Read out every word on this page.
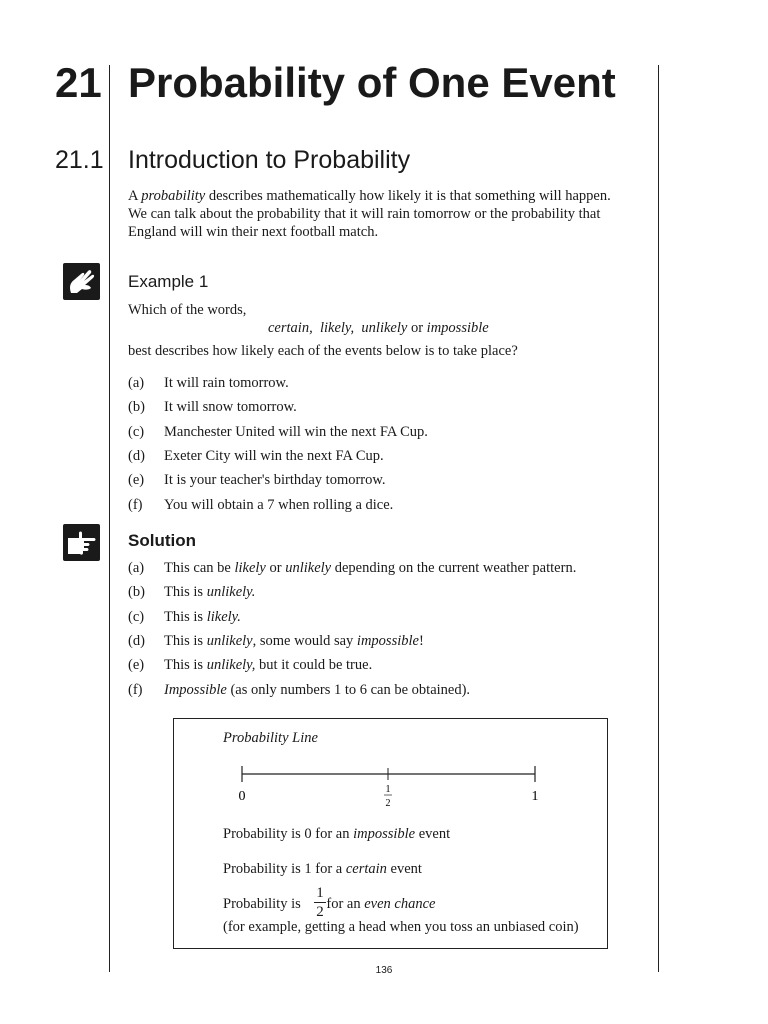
21 Probability of One Event
21.1 Introduction to Probability

A probability describes mathematically how likely it is that something will happen.

We can talk about the probability that it will rain tomorrow or the probability that

England will win their next football match.

Example 1
Which of the words,
certain, likely, unlikely or impossible
best describes how likely each of the events below is to take place?
(a) It will rain tomorrow.
(b) It will snow tomorrow.
(c) Manchester United will win the next FA Cup.
(d) Exeter City will win the next FA Cup.
(e) It is your teacher's birthday tomorrow.
(f) You will obtain a 7 when rolling a dice.
Solution
(a) This can be likely or unlikely depending on the current weather pattern.
(b) This is unlikely.
(c) This is likely.
(d) This is unlikely, some would say impossible!
(e) This is unlikely, but it could be true.
(f) Impossible (as only numbers 1 to 6 can be obtained).
Probability Line
0	1
2	1
Probability is 0 for an impossible event
Probability is 1 for a certain event
Probability is for an even chance
1
2
(for example, getting a head when you toss an unbiased coin)
136
